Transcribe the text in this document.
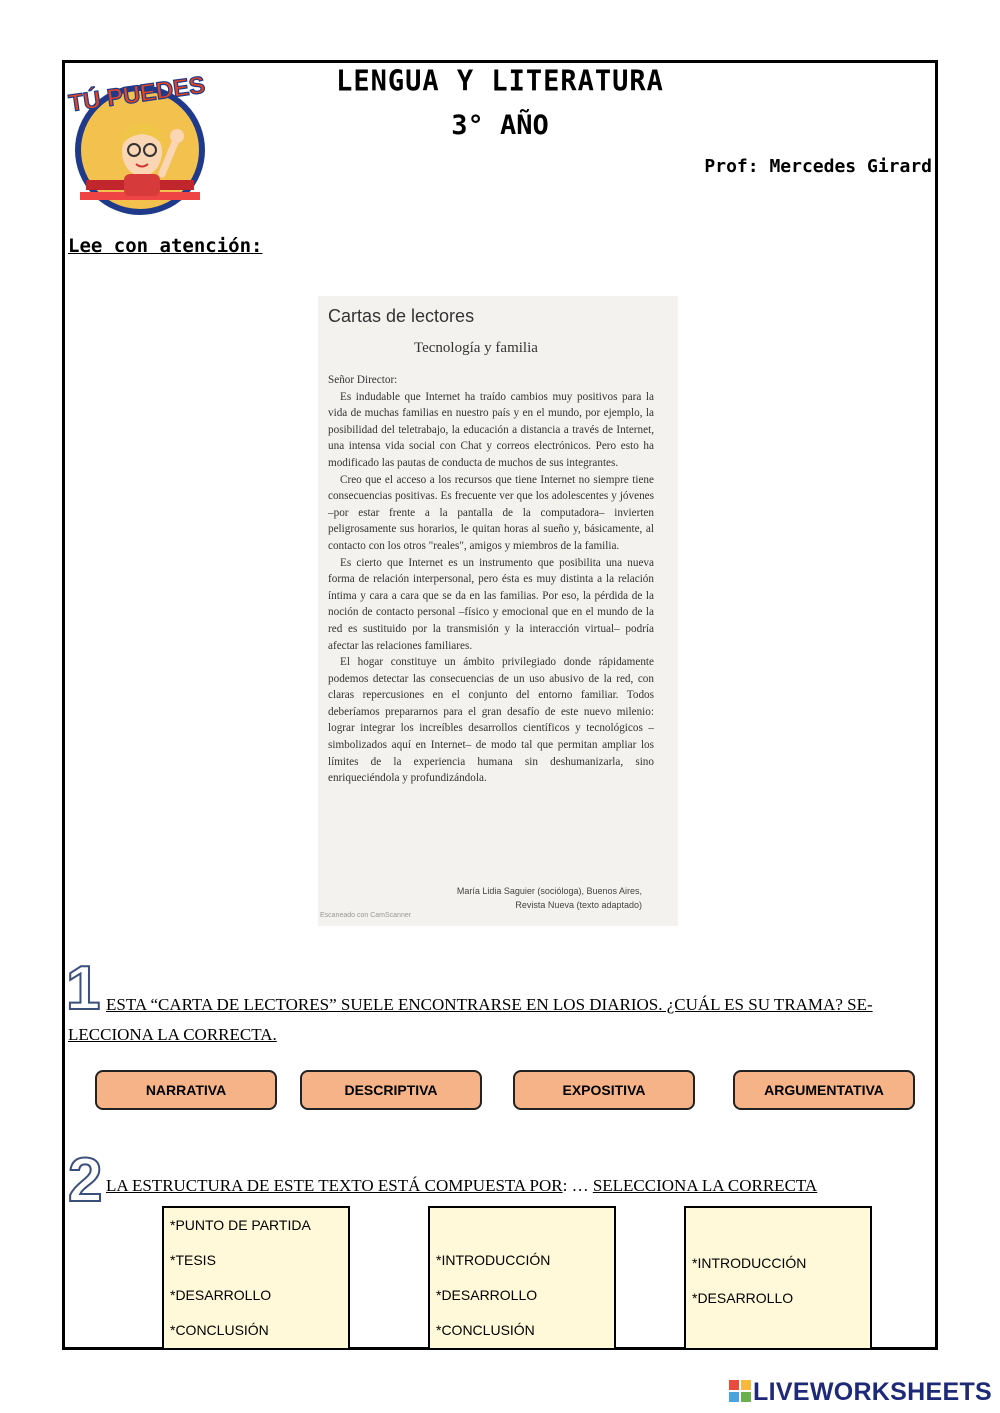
TÚ PUEDES	LENGUA Y LITERATURA
3° AÑO
Prof: Mercedes Girard
Lee con atención:
Cartas de lectores
Tecnología y familia

Señor Director:

Es indudable que Internet ha traído cambios muy positivos para la vida de muchas familias en nuestro país y en el mundo, por ejemplo, la posibilidad del teletrabajo, la educación a distancia a través de Internet, una intensa vida social con Chat y correos electrónicos. Pero esto ha modificado las pautas de conducta de muchos de sus integrantes.

Creo que el acceso a los recursos que tiene Internet no siempre tiene consecuencias positivas. Es frecuente ver que los adolescentes y jóvenes –por estar frente a la pantalla de la computadora– invierten peligrosamente sus horarios, le quitan horas al sueño y, básicamente, al contacto con los otros "reales", amigos y miembros de la familia.

Es cierto que Internet es un instrumento que posibilita una nueva forma de relación interpersonal, pero ésta es muy distinta a la relación íntima y cara a cara que se da en las familias. Por eso, la pérdida de la noción de contacto personal –físico y emocional que en el mundo de la red es sustituido por la transmisión y la interacción virtual– podría afectar las relaciones familiares.

El hogar constituye un ámbito privilegiado donde rápidamente podemos detectar las consecuencias de un uso abusivo de la red, con claras repercusiones en el conjunto del entorno familiar. Todos deberíamos prepararnos para el gran desafío de este nuevo milenio: lograr integrar los increíbles desarrollos científicos y tecnológicos –simbolizados aquí en Internet– de modo tal que permitan ampliar los límites de la experiencia humana sin deshumanizarla, sino enriqueciéndola y profundizándola.

María Lidia Saguier (socióloga), Buenos Aires,
Revista Nueva (texto adaptado)
Escaneado con CamScanner
1 ESTA “CARTA DE LECTORES” SUELE ENCONTRARSE EN LOS DIARIOS. ¿CUÁL ES SU TRAMA? SE-
LECCIONA LA CORRECTA.
NARRATIVA	DESCRIPTIVA	EXPOSITIVA	ARGUMENTATIVA
2 LA ESTRUCTURA DE ESTE TEXTO ESTÁ COMPUESTA POR: … SELECCIONA LA CORRECTA
*PUNTO DE PARTIDA
*TESIS
*DESARROLLO
*CONCLUSIÓN
*INTRODUCCIÓN
*DESARROLLO
*CONCLUSIÓN
*INTRODUCCIÓN
*DESARROLLO
LIVEWORKSHEETS
